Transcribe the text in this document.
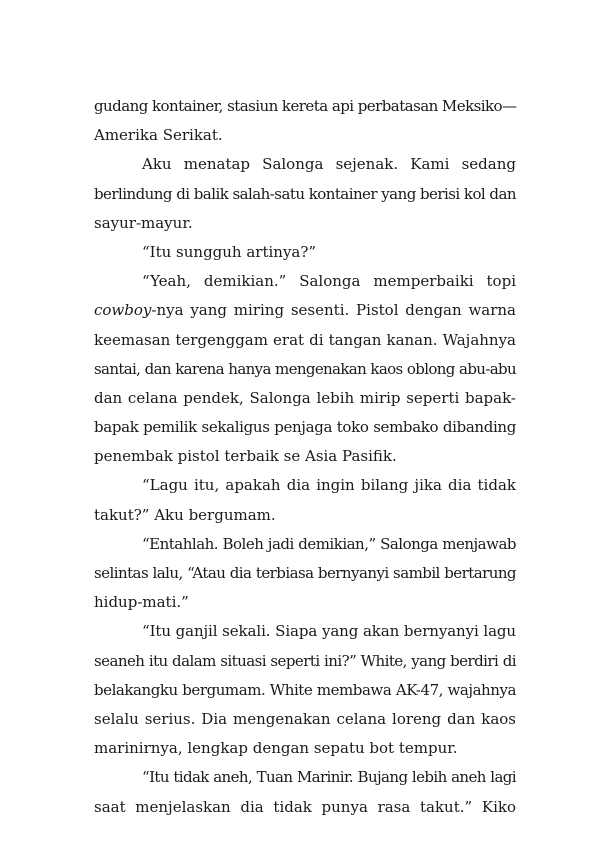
gudang kontainer, stasiun kereta api perbatasan Meksiko—
Amerika Serikat.
Aku menatap Salonga sejenak. Kami sedang
berlindung di balik salah-satu kontainer yang berisi kol dan
sayur-mayur.
“Itu sungguh artinya?”
“Yeah, demikian.” Salonga memperbaiki topi
cowboy-nya yang miring sesenti. Pistol dengan warna
keemasan tergenggam erat di tangan kanan. Wajahnya
santai, dan karena hanya mengenakan kaos oblong abu-abu
dan celana pendek, Salonga lebih mirip seperti bapak-
bapak pemilik sekaligus penjaga toko sembako dibanding
penembak pistol terbaik se Asia Pasifik.
“Lagu itu, apakah dia ingin bilang jika dia tidak
takut?” Aku bergumam.
“Entahlah. Boleh jadi demikian,” Salonga menjawab
selintas lalu, “Atau dia terbiasa bernyanyi sambil bertarung
hidup-mati.”
“Itu ganjil sekali. Siapa yang akan bernyanyi lagu
seaneh itu dalam situasi seperti ini?” White, yang berdiri di
belakangku bergumam. White membawa AK-47, wajahnya
selalu serius. Dia mengenakan celana loreng dan kaos
marinirnya, lengkap dengan sepatu bot tempur.
“Itu tidak aneh, Tuan Marinir. Bujang lebih aneh lagi
saat menjelaskan dia tidak punya rasa takut.” Kiko
